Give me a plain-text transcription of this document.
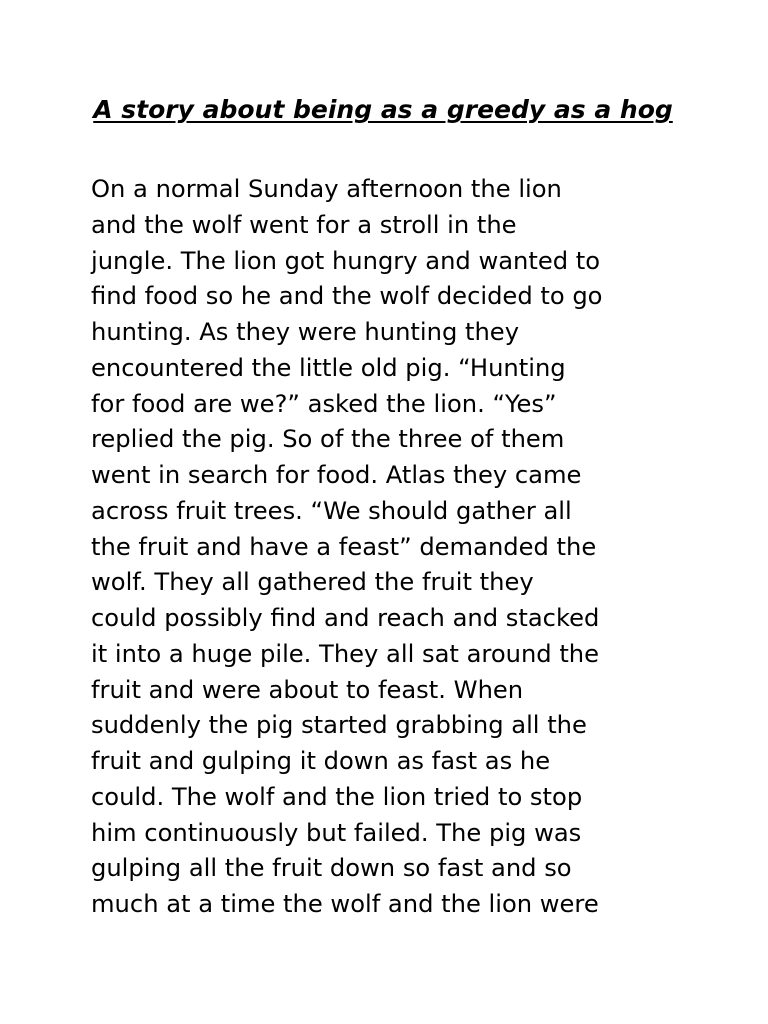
A story about being as a greedy as a hog
On a normal Sunday afternoon the lion
and the wolf went for a stroll in the
jungle. The lion got hungry and wanted to
find food so he and the wolf decided to go
hunting. As they were hunting they
encountered the little old pig. “Hunting
for food are we?” asked the lion. “Yes”
replied the pig. So of the three of them
went in search for food. Atlas they came
across fruit trees. “We should gather all
the fruit and have a feast” demanded the
wolf. They all gathered the fruit they
could possibly find and reach and stacked
it into a huge pile. They all sat around the
fruit and were about to feast. When
suddenly the pig started grabbing all the
fruit and gulping it down as fast as he
could. The wolf and the lion tried to stop
him continuously but failed. The pig was
gulping all the fruit down so fast and so
much at a time the wolf and the lion were
